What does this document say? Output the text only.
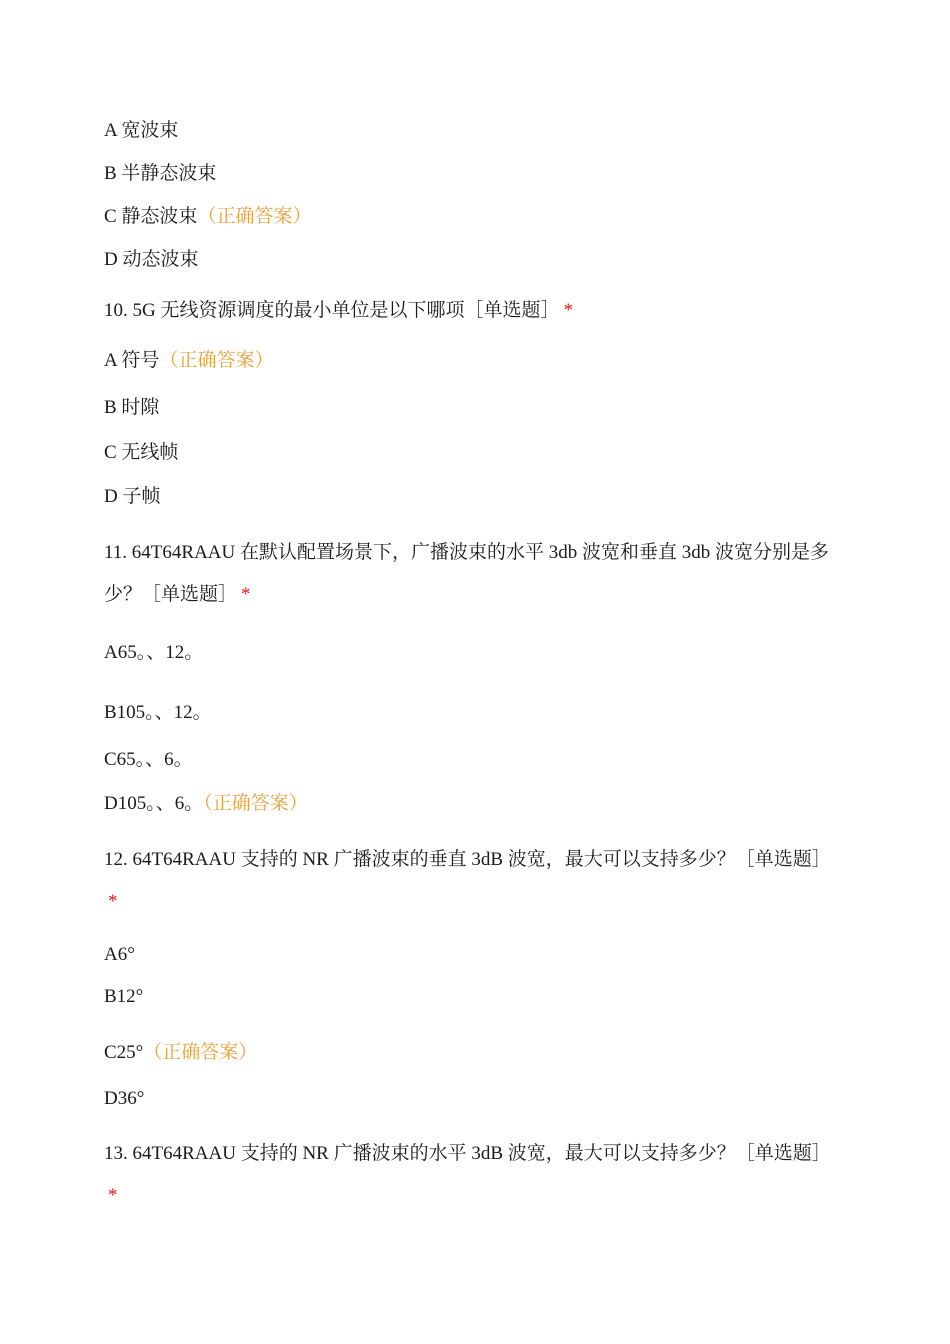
A 宽波束
B 半静态波束
C 静态波束（正确答案）
D 动态波束
10. 5G 无线资源调度的最小单位是以下哪项［单选题］ *
A 符号（正确答案）
B 时隙
C 无线帧
D 子帧
11. 64T64RAAU 在默认配置场景下，广播波束的水平 3db 波宽和垂直 3db 波宽分别是多少？［单选题］ *
A65。、12。
B105。、12。
C65。、6。
D105。、6。（正确答案）
12. 64T64RAAU 支持的 NR 广播波束的垂直 3dB 波宽，最大可以支持多少？［单选题］*
A6°
B12°
C25°（正确答案）
D36°
13. 64T64RAAU 支持的 NR 广播波束的水平 3dB 波宽，最大可以支持多少？［单选题］*
